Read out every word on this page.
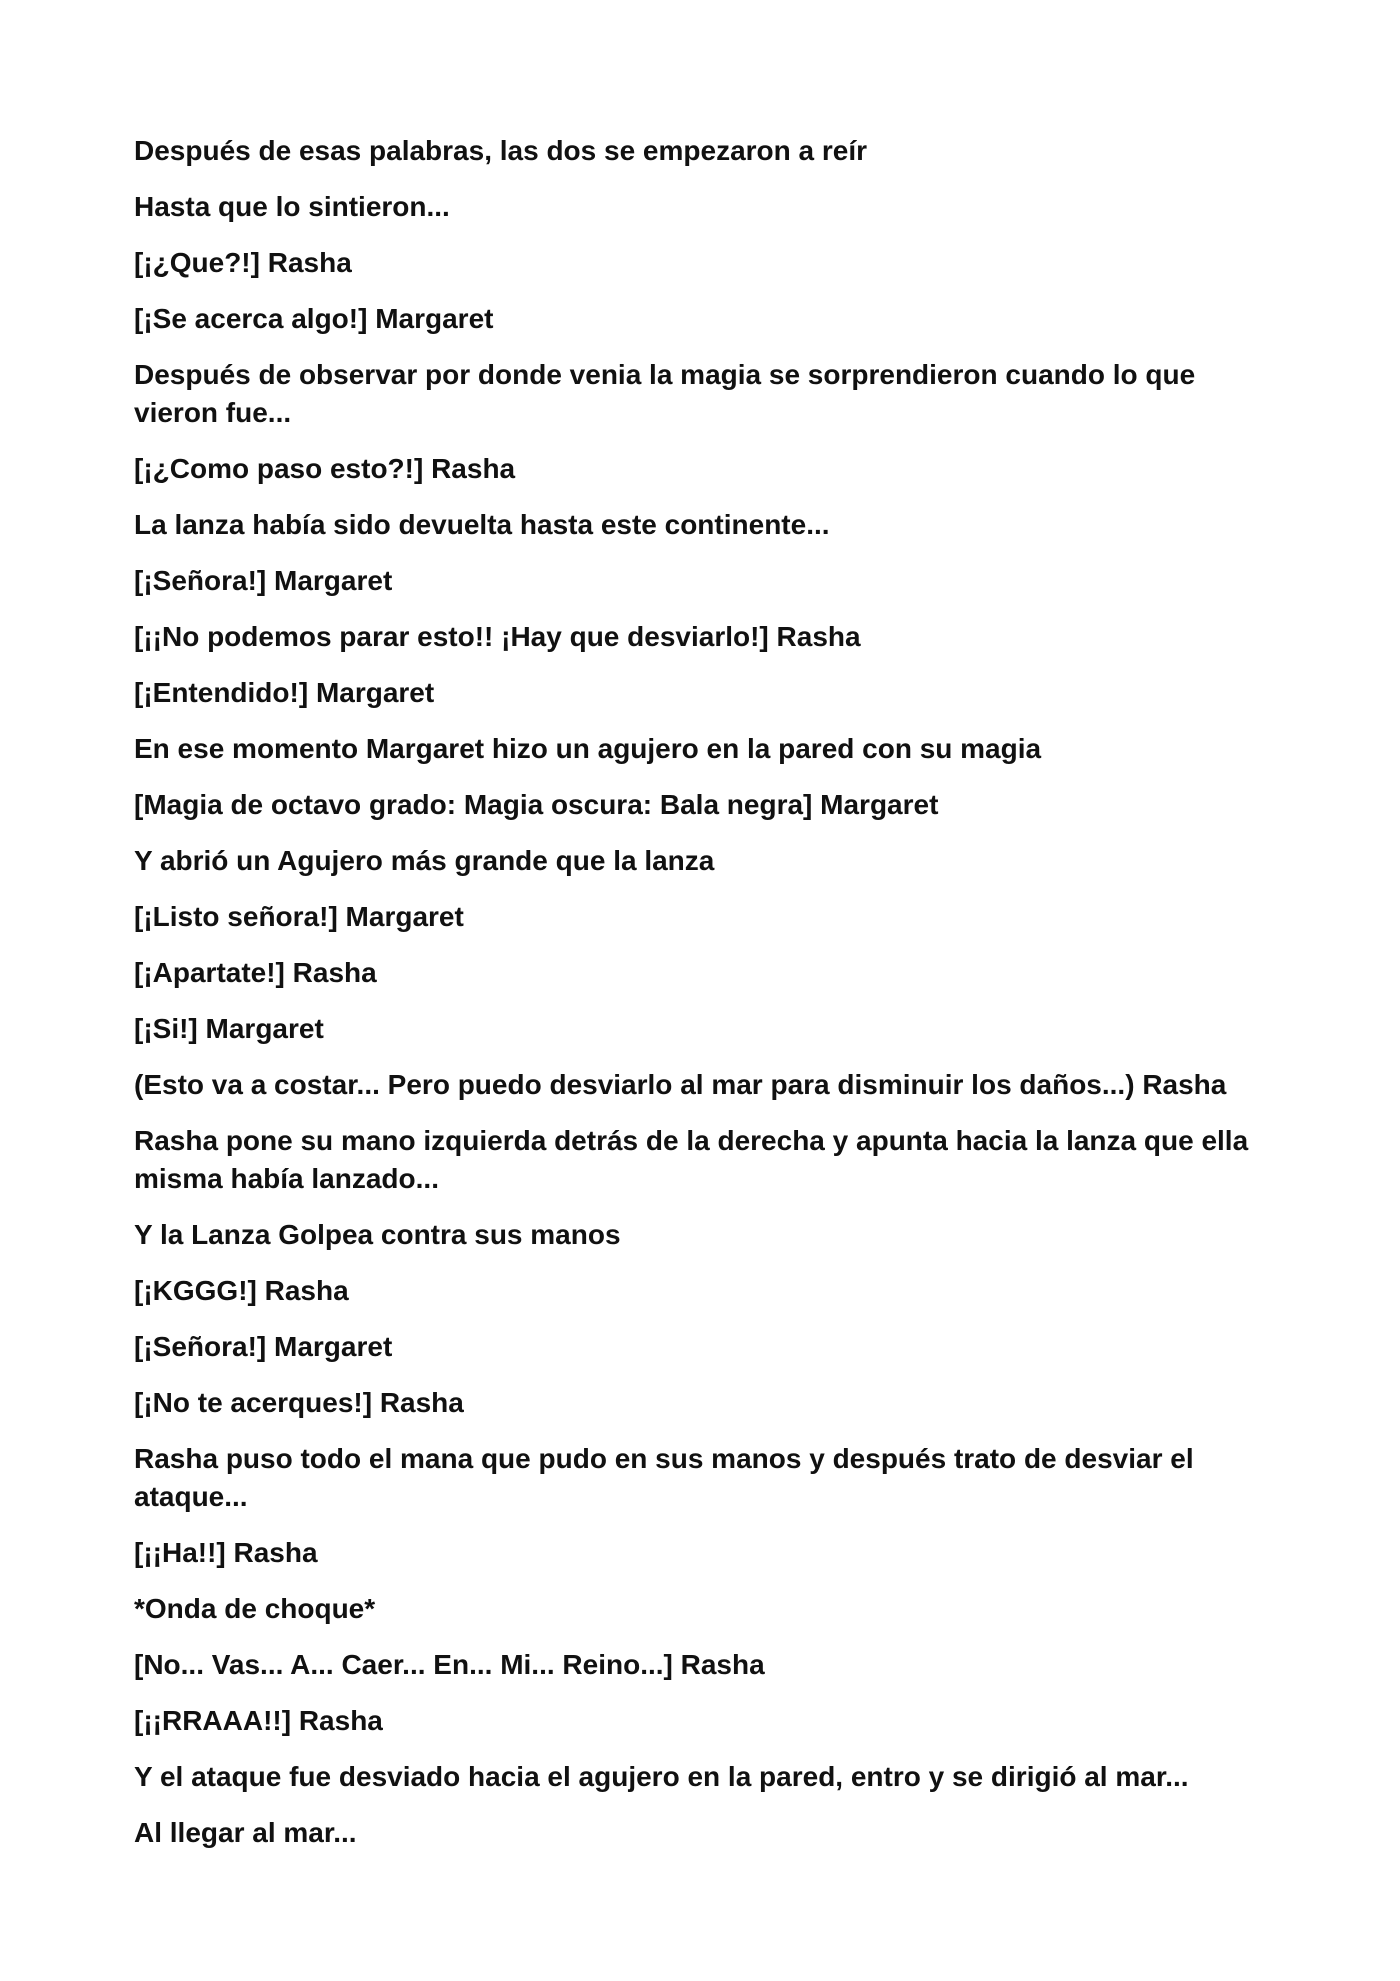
Después de esas palabras, las dos se empezaron a reír

Hasta que lo sintieron...

[¡¿Que?!] Rasha

[¡Se acerca algo!] Margaret

Después de observar por donde venia la magia se sorprendieron cuando lo que vieron fue...

[¡¿Como paso esto?!] Rasha

La lanza había sido devuelta hasta este continente...

[¡Señora!] Margaret

[¡¡No podemos parar esto!! ¡Hay que desviarlo!] Rasha

[¡Entendido!] Margaret

En ese momento Margaret hizo un agujero en la pared con su magia

[Magia de octavo grado: Magia oscura: Bala negra] Margaret

Y abrió un Agujero más grande que la lanza

[¡Listo señora!] Margaret

[¡Apartate!] Rasha

[¡Si!] Margaret

(Esto va a costar... Pero puedo desviarlo al mar para disminuir los daños...) Rasha

Rasha pone su mano izquierda detrás de la derecha y apunta hacia la lanza que ella misma había lanzado...

Y la Lanza Golpea contra sus manos

[¡KGGG!] Rasha

[¡Señora!] Margaret

[¡No te acerques!] Rasha

Rasha puso todo el mana que pudo en sus manos y después trato de desviar el ataque...

[¡¡Ha!!] Rasha

*Onda de choque*

[No... Vas... A... Caer... En... Mi... Reino...] Rasha

[¡¡RRAAA!!] Rasha

Y el ataque fue desviado hacia el agujero en la pared, entro y se dirigió al mar...

Al llegar al mar...
